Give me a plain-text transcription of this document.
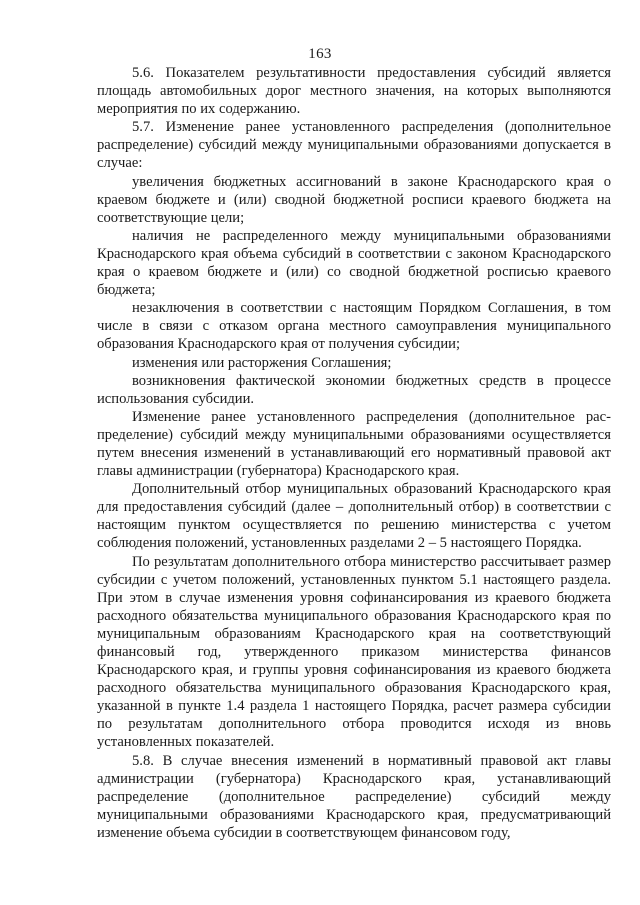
163

5.6. Показателем результативности предоставления субсидий является площадь автомобильных дорог местного значения, на которых выполняются мероприятия по их содержанию.

5.7. Изменение ранее установленного распределения (дополнительное распределение) субсидий между муниципальными образованиями допускается в случае:

увеличения бюджетных ассигнований в законе Краснодарского края о краевом бюджете и (или) сводной бюджетной росписи краевого бюджета на соответствующие цели;

наличия не распределенного между муниципальными образованиями Краснодарского края объема субсидий в соответствии с законом Краснодарского края о краевом бюджете и (или) со сводной бюджетной росписью краевого бюджета;

незаключения в соответствии с настоящим Порядком Соглашения, в том числе в связи с отказом органа местного самоуправления муниципального образования Краснодарского края от получения субсидии;

изменения или расторжения Соглашения;

возникновения фактической экономии бюджетных средств в процессе использования субсидии.

Изменение ранее установленного распределения (дополнительное распределение) субсидий между муниципальными образованиями осуществляется путем внесения изменений в устанавливающий его нормативный правовой акт главы администрации (губернатора) Краснодарского края.

Дополнительный отбор муниципальных образований Краснодарского края для предоставления субсидий (далее – дополнительный отбор) в соответствии с настоящим пунктом осуществляется по решению министерства с учетом соблюдения положений, установленных разделами 2 – 5 настоящего Порядка.

По результатам дополнительного отбора министерство рассчитывает размер субсидии с учетом положений, установленных пунктом 5.1 настоящего раздела. При этом в случае изменения уровня софинансирования из краевого бюджета расходного обязательства муниципального образования Краснодарского края по муниципальным образованиям Краснодарского края на соответствующий финансовый год, утвержденного приказом министерства финансов Краснодарского края, и группы уровня софинансирования из краевого бюджета расходного обязательства муниципального образования Краснодарского края, указанной в пункте 1.4 раздела 1 настоящего Порядка, расчет размера субсидии по результатам дополнительного отбора проводится исходя из вновь установленных показателей.

5.8. В случае внесения изменений в нормативный правовой акт главы администрации (губернатора) Краснодарского края, устанавливающий распределение (дополнительное распределение) субсидий между муниципальными образованиями Краснодарского края, предусматривающий изменение объема субсидии в соответствующем финансовом году,
